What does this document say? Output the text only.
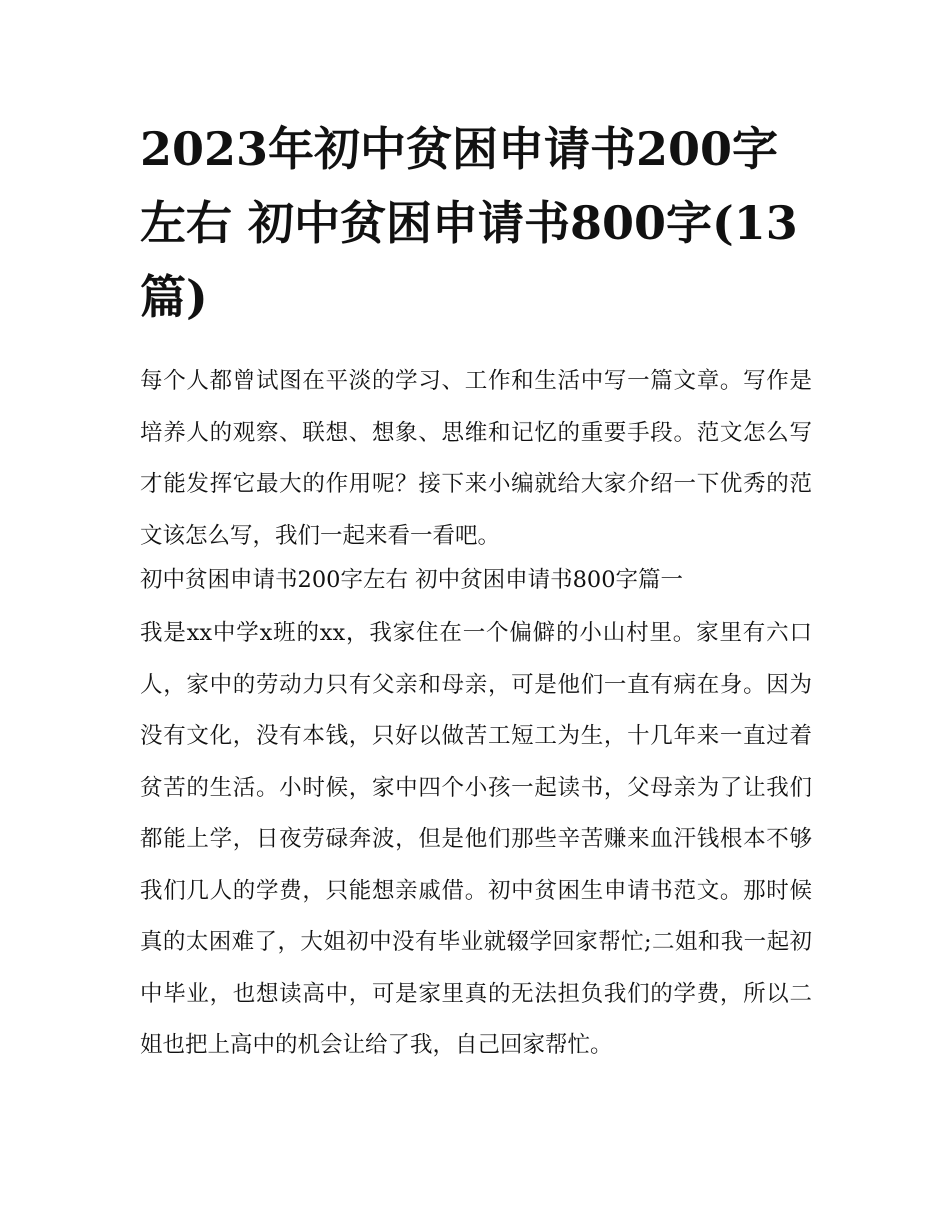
2023年初中贫困申请书200字左右 初中贫困申请书800字(13篇)

每个人都曾试图在平淡的学习、工作和生活中写一篇文章。写作是培养人的观察、联想、想象、思维和记忆的重要手段。范文怎么写才能发挥它最大的作用呢？接下来小编就给大家介绍一下优秀的范文该怎么写，我们一起来看一看吧。

初中贫困申请书200字左右 初中贫困申请书800字篇一

我是xx中学x班的xx，我家住在一个偏僻的小山村里。家里有六口人，家中的劳动力只有父亲和母亲，可是他们一直有病在身。因为没有文化，没有本钱，只好以做苦工短工为生，十几年来一直过着贫苦的生活。小时候，家中四个小孩一起读书，父母亲为了让我们都能上学，日夜劳碌奔波，但是他们那些辛苦赚来血汗钱根本不够我们几人的学费，只能想亲戚借。初中贫困生申请书范文。那时候真的太困难了，大姐初中没有毕业就辍学回家帮忙;二姐和我一起初中毕业，也想读高中，可是家里真的无法担负我们的学费，所以二姐也把上高中的机会让给了我，自己回家帮忙。
